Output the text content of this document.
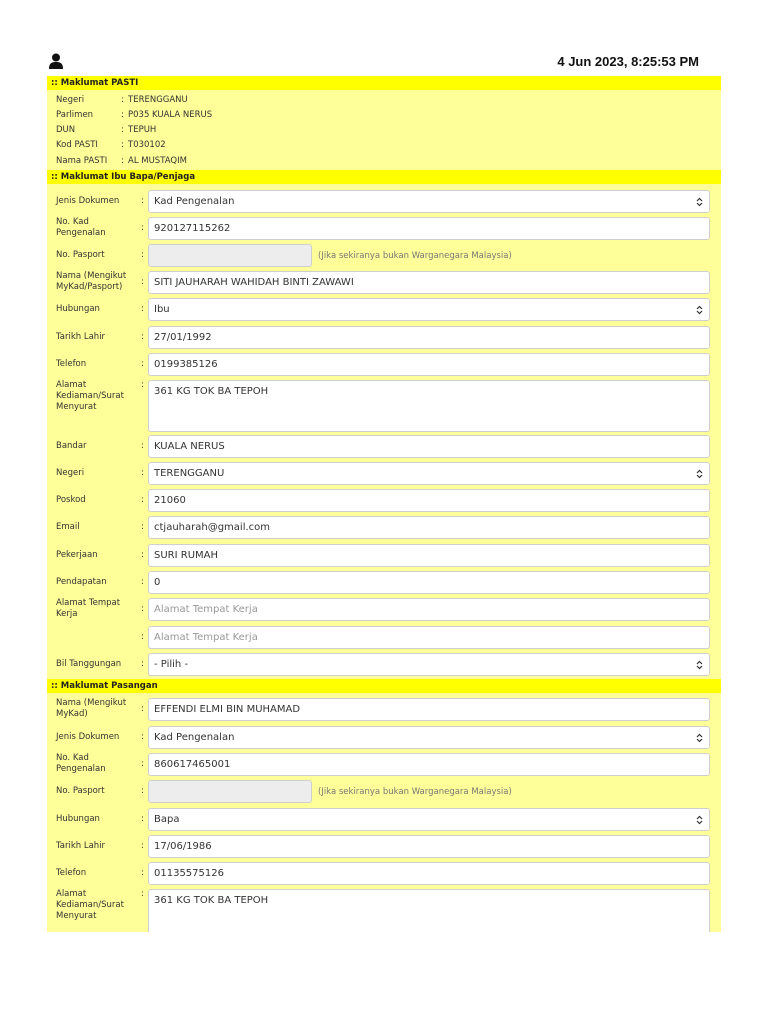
4 Jun 2023, 8:25:53 PM
:: Maklumat PASTI
Negeri	: TERENGGANU
Parlimen	: P035 KUALA NERUS
DUN	: TEPUH
Kod PASTI	: T030102
Nama PASTI	: AL MUSTAQIM
:: Maklumat Ibu Bapa/Penjaga
Jenis Dokumen	:	Kad Pengenalan
No. Kad Pengenalan	:	920127115262
No. Pasport	:	(Jika sekiranya bukan Warganegara Malaysia)
Nama (Mengikut MyKad/Pasport)	:	SITI JAUHARAH WAHIDAH BINTI ZAWAWI
Hubungan	:	Ibu
Tarikh Lahir	:	27/01/1992
Telefon	:	0199385126
Alamat Kediaman/Surat Menyurat
:
361 KG TOK BA TEPOH
Bandar	:	KUALA NERUS
Negeri	:	TERENGGANU
Poskod	:	21060
Email	:	ctjauharah@gmail.com
Pekerjaan	:	SURI RUMAH
Pendapatan	:	0
Alamat Tempat Kerja	:	Alamat Tempat Kerja
:	Alamat Tempat Kerja
Bil Tanggungan	:	- Pilih -
:: Maklumat Pasangan
Nama (Mengikut MyKad)	:	EFFENDI ELMI BIN MUHAMAD
Jenis Dokumen	:	Kad Pengenalan
No. Kad Pengenalan	:	860617465001
No. Pasport	:	(Jika sekiranya bukan Warganegara Malaysia)
Hubungan	:	Bapa
Tarikh Lahir	:	17/06/1986
Telefon	:	01135575126
Alamat Kediaman/Surat Menyurat
:
361 KG TOK BA TEPOH
